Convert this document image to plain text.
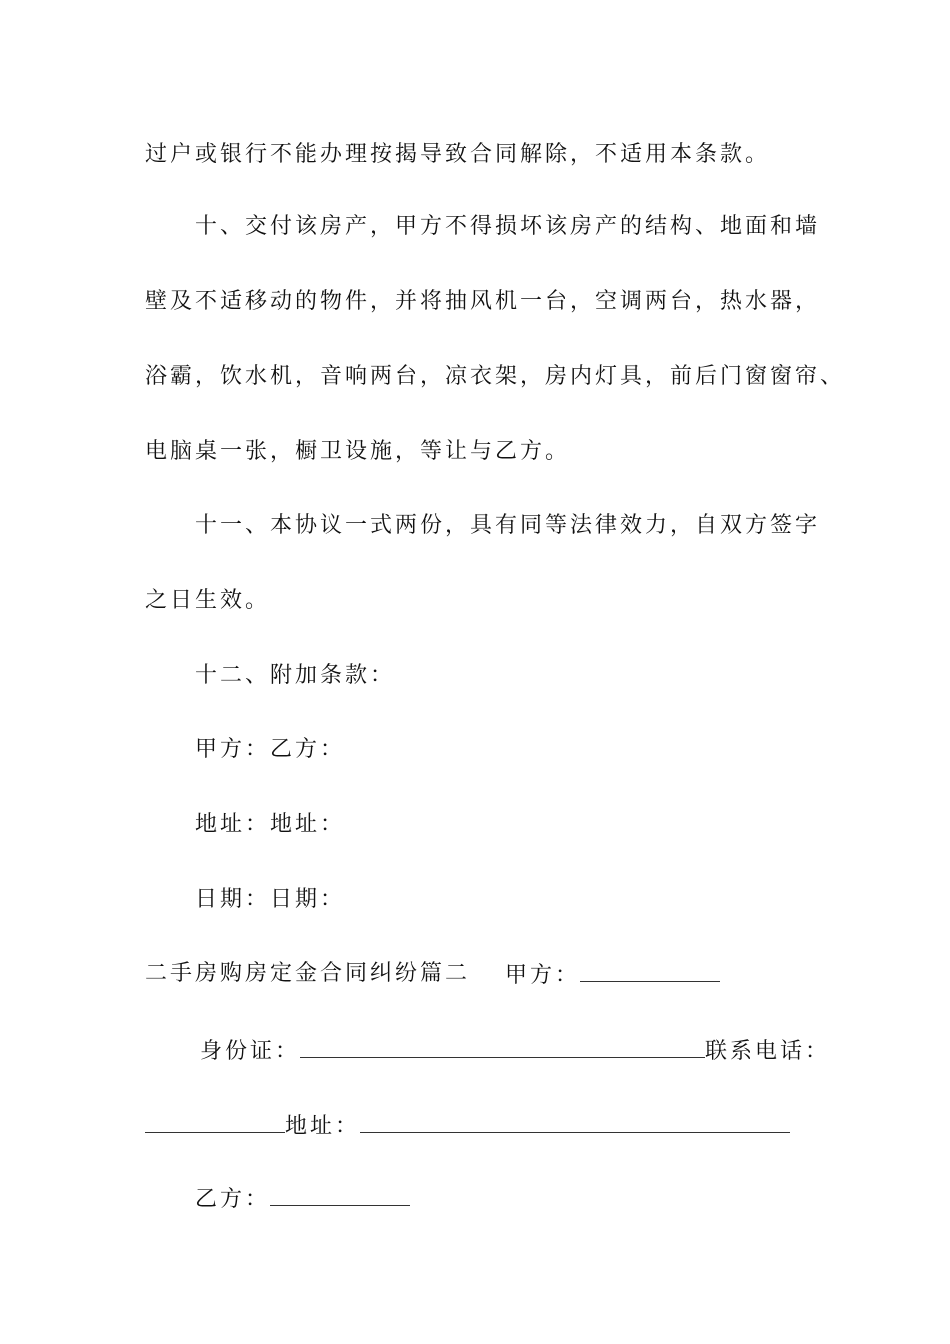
过户或银行不能办理按揭导致合同解除，不适用本条款。
十、交付该房产，甲方不得损坏该房产的结构、地面和墙
壁及不适移动的物件，并将抽风机一台，空调两台，热水器，
浴霸，饮水机，音响两台，凉衣架，房内灯具，前后门窗窗帘、
电脑桌一张，橱卫设施，等让与乙方。
十一、本协议一式两份，具有同等法律效力，自双方签字
之日生效。
十二、附加条款：
甲方：乙方：
地址：地址：
日期：日期：
二手房购房定金合同纠纷篇二 甲方：
身份证：	联系电话：
地址：
乙方：
